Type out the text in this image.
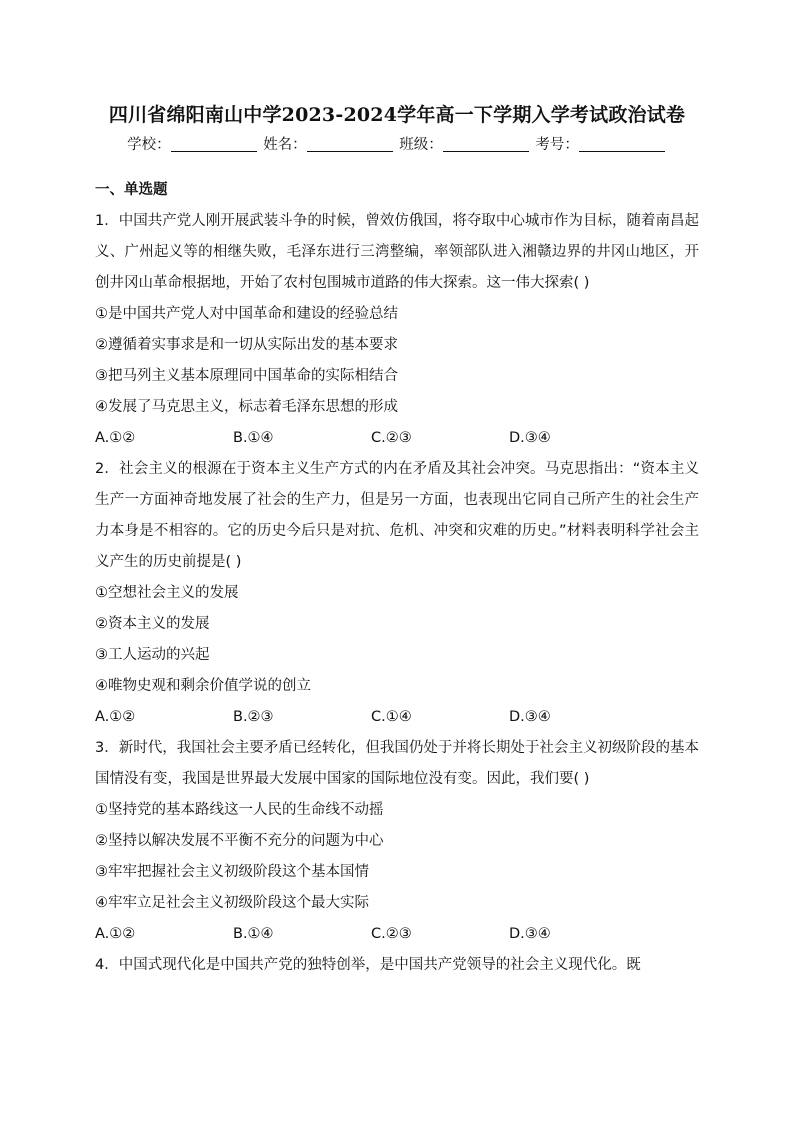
四川省绵阳南山中学2023-2024学年高一下学期入学考试政治试卷
学校：	姓名：	班级：	考号：
一、单选题

1．中国共产党人刚开展武装斗争的时候，曾效仿俄国，将夺取中心城市作为目标，随着南昌起义、广州起义等的相继失败，毛泽东进行三湾整编，率领部队进入湘赣边界的井冈山地区，开创井冈山革命根据地，开始了农村包围城市道路的伟大探索。这一伟大探索( )

①是中国共产党人对中国革命和建设的经验总结

②遵循着实事求是和一切从实际出发的基本要求

③把马列主义基本原理同中国革命的实际相结合

④发展了马克思主义，标志着毛泽东思想的形成

A.①②	B.①④	C.②③	D.③④

2．社会主义的根源在于资本主义生产方式的内在矛盾及其社会冲突。马克思指出：“资本主义生产一方面神奇地发展了社会的生产力，但是另一方面，也表现出它同自己所产生的社会生产力本身是不相容的。它的历史今后只是对抗、危机、冲突和灾难的历史。”材料表明科学社会主义产生的历史前提是( )

①空想社会主义的发展

②资本主义的发展

③工人运动的兴起

④唯物史观和剩余价值学说的创立

A.①②	B.②③	C.①④	D.③④

3．新时代，我国社会主要矛盾已经转化，但我国仍处于并将长期处于社会主义初级阶段的基本国情没有变，我国是世界最大发展中国家的国际地位没有变。因此，我们要( )

①坚持党的基本路线这一人民的生命线不动摇

②坚持以解决发展不平衡不充分的问题为中心

③牢牢把握社会主义初级阶段这个基本国情

④牢牢立足社会主义初级阶段这个最大实际

A.①②	B.①④	C.②③	D.③④

4．中国式现代化是中国共产党的独特创举，是中国共产党领导的社会主义现代化。既
